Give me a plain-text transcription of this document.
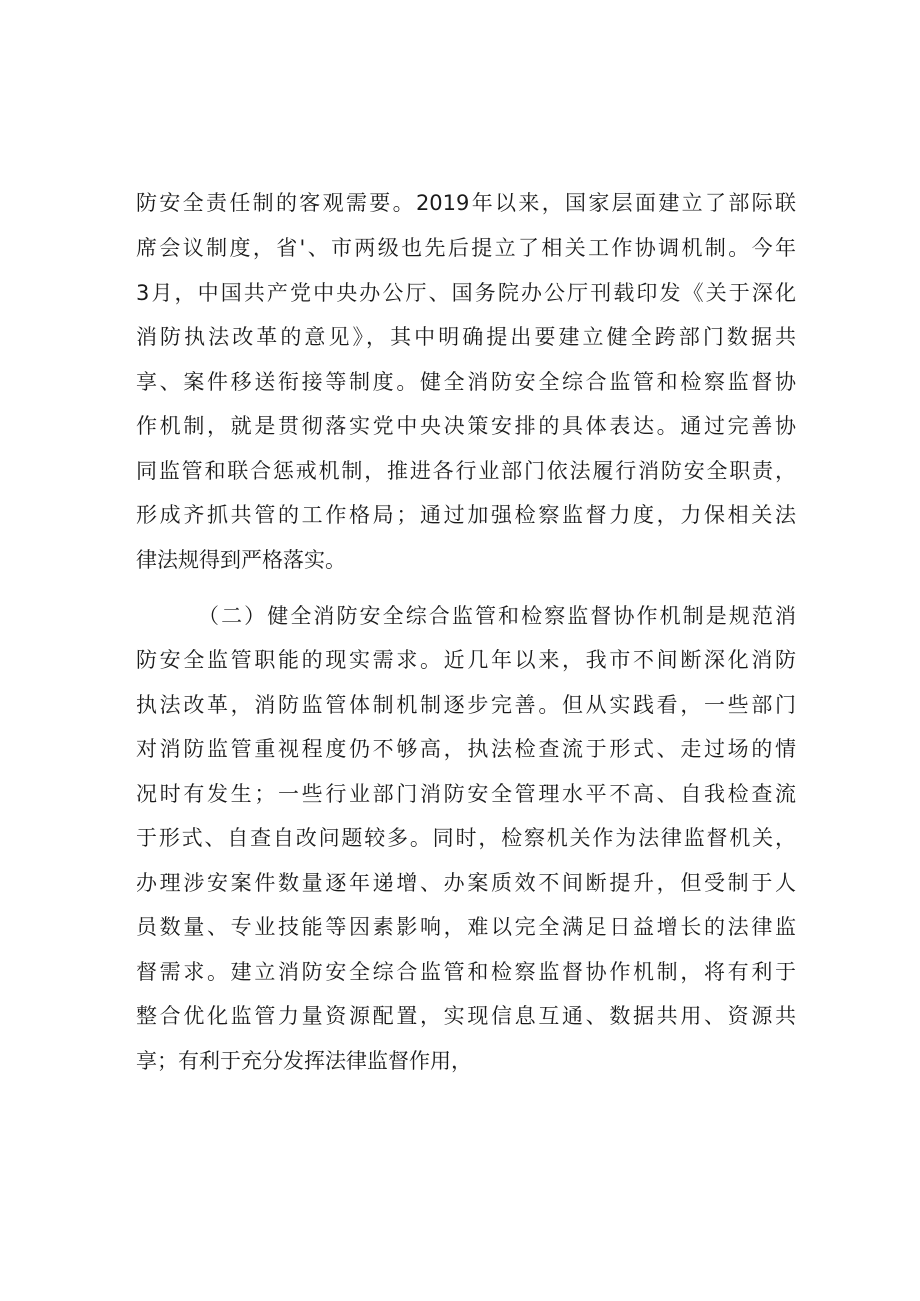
防安全责任制的客观需要。2019年以来，国家层面建立了部际联
席会议制度，省'、市两级也先后提立了相关工作协调机制。今年
3月，中国共产党中央办公厅、国务院办公厅刊载印发《关于深化
消防执法改革的意见》，其中明确提出要建立健全跨部门数据共
享、案件移送衔接等制度。健全消防安全综合监管和检察监督协
作机制，就是贯彻落实党中央决策安排的具体表达。通过完善协
同监管和联合惩戒机制，推进各行业部门依法履行消防安全职责，
形成齐抓共管的工作格局；通过加强检察监督力度，力保相关法
律法规得到严格落实。
（二）健全消防安全综合监管和检察监督协作机制是规范消
防安全监管职能的现实需求。近几年以来，我市不间断深化消防
执法改革，消防监管体制机制逐步完善。但从实践看，一些部门
对消防监管重视程度仍不够高，执法检查流于形式、走过场的情
况时有发生；一些行业部门消防安全管理水平不高、自我检查流
于形式、自查自改问题较多。同时，检察机关作为法律监督机关，
办理涉安案件数量逐年递增、办案质效不间断提升，但受制于人
员数量、专业技能等因素影响，难以完全满足日益增长的法律监
督需求。建立消防安全综合监管和检察监督协作机制，将有利于
整合优化监管力量资源配置，实现信息互通、数据共用、资源共
享；有利于充分发挥法律监督作用，
